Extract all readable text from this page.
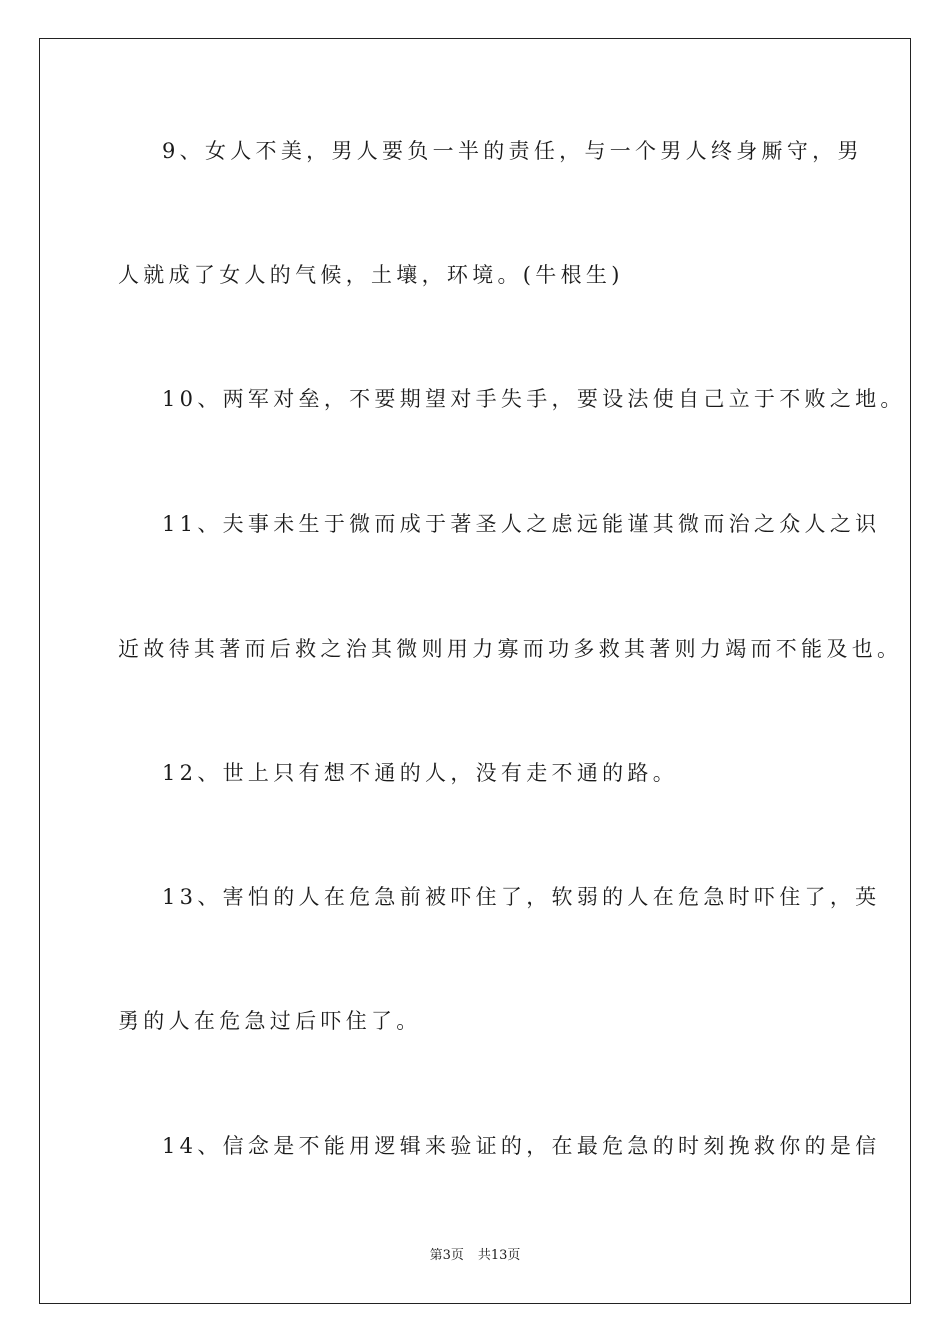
9、女人不美，男人要负一半的责任，与一个男人终身厮守，男
人就成了女人的气候，土壤，环境。(牛根生)
10、两军对垒，不要期望对手失手，要设法使自己立于不败之地。
11、夫事未生于微而成于著圣人之虑远能谨其微而治之众人之识
近故待其著而后救之治其微则用力寡而功多救其著则力竭而不能及也。
12、世上只有想不通的人，没有走不通的路。
13、害怕的人在危急前被吓住了，软弱的人在危急时吓住了，英
勇的人在危急过后吓住了。
14、信念是不能用逻辑来验证的，在最危急的时刻挽救你的是信
第3页 共13页
